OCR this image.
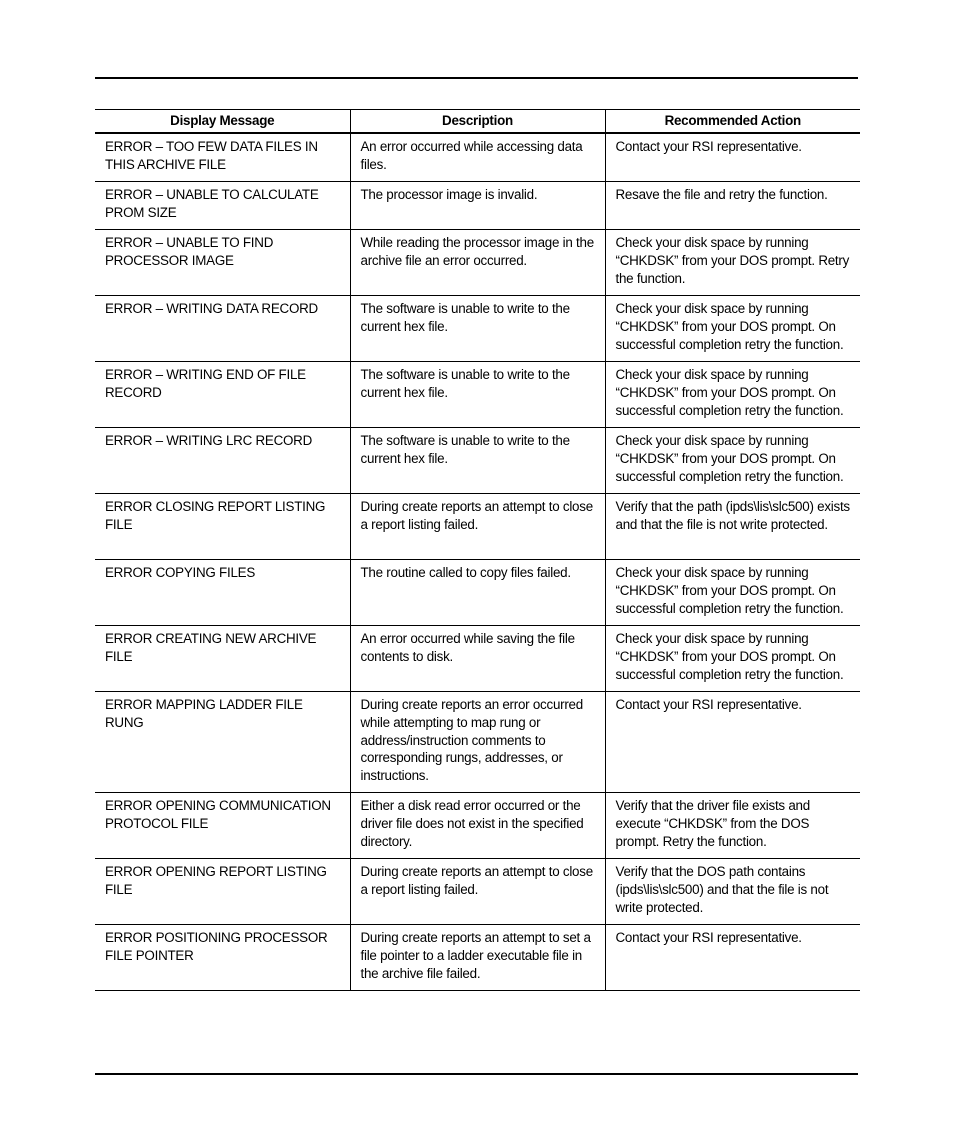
Display Message	Description	Recommended Action
ERROR – TOO FEW DATA FILES IN THIS ARCHIVE FILE	An error occurred while accessing data files.	Contact your RSI representative.
ERROR – UNABLE TO CALCULATE PROM SIZE	The processor image is invalid.	Resave the file and retry the function.
ERROR – UNABLE TO FIND PROCESSOR IMAGE	While reading the processor image in the archive file an error occurred.	Check your disk space by running “CHKDSK” from your DOS prompt. Retry the function.
ERROR – WRITING DATA RECORD	The software is unable to write to the current hex file.	Check your disk space by running “CHKDSK” from your DOS prompt. On successful completion retry the function.
ERROR – WRITING END OF FILE RECORD	The software is unable to write to the current hex file.	Check your disk space by running “CHKDSK” from your DOS prompt. On successful completion retry the function.
ERROR – WRITING LRC RECORD	The software is unable to write to the current hex file.	Check your disk space by running “CHKDSK” from your DOS prompt. On successful completion retry the function.
ERROR CLOSING REPORT LISTING FILE	During create reports an attempt to close a report listing failed.	Verify that the path (ipds\lis\slc500) exists and that the file is not write protected.
ERROR COPYING FILES	The routine called to copy files failed.	Check your disk space by running “CHKDSK” from your DOS prompt. On successful completion retry the function.
ERROR CREATING NEW ARCHIVE FILE	An error occurred while saving the file contents to disk.	Check your disk space by running “CHKDSK” from your DOS prompt. On successful completion retry the function.
ERROR MAPPING LADDER FILE RUNG	During create reports an error occurred while attempting to map rung or address/instruction comments to corresponding rungs, addresses, or instructions.	Contact your RSI representative.
ERROR OPENING COMMUNICATION PROTOCOL FILE	Either a disk read error occurred or the driver file does not exist in the specified directory.	Verify that the driver file exists and execute “CHKDSK” from the DOS prompt. Retry the function.
ERROR OPENING REPORT LISTING FILE	During create reports an attempt to close a report listing failed.	Verify that the DOS path contains (ipds\lis\slc500) and that the file is not write protected.
ERROR POSITIONING PROCESSOR FILE POINTER	During create reports an attempt to set a file pointer to a ladder executable file in the archive file failed.	Contact your RSI representative.
